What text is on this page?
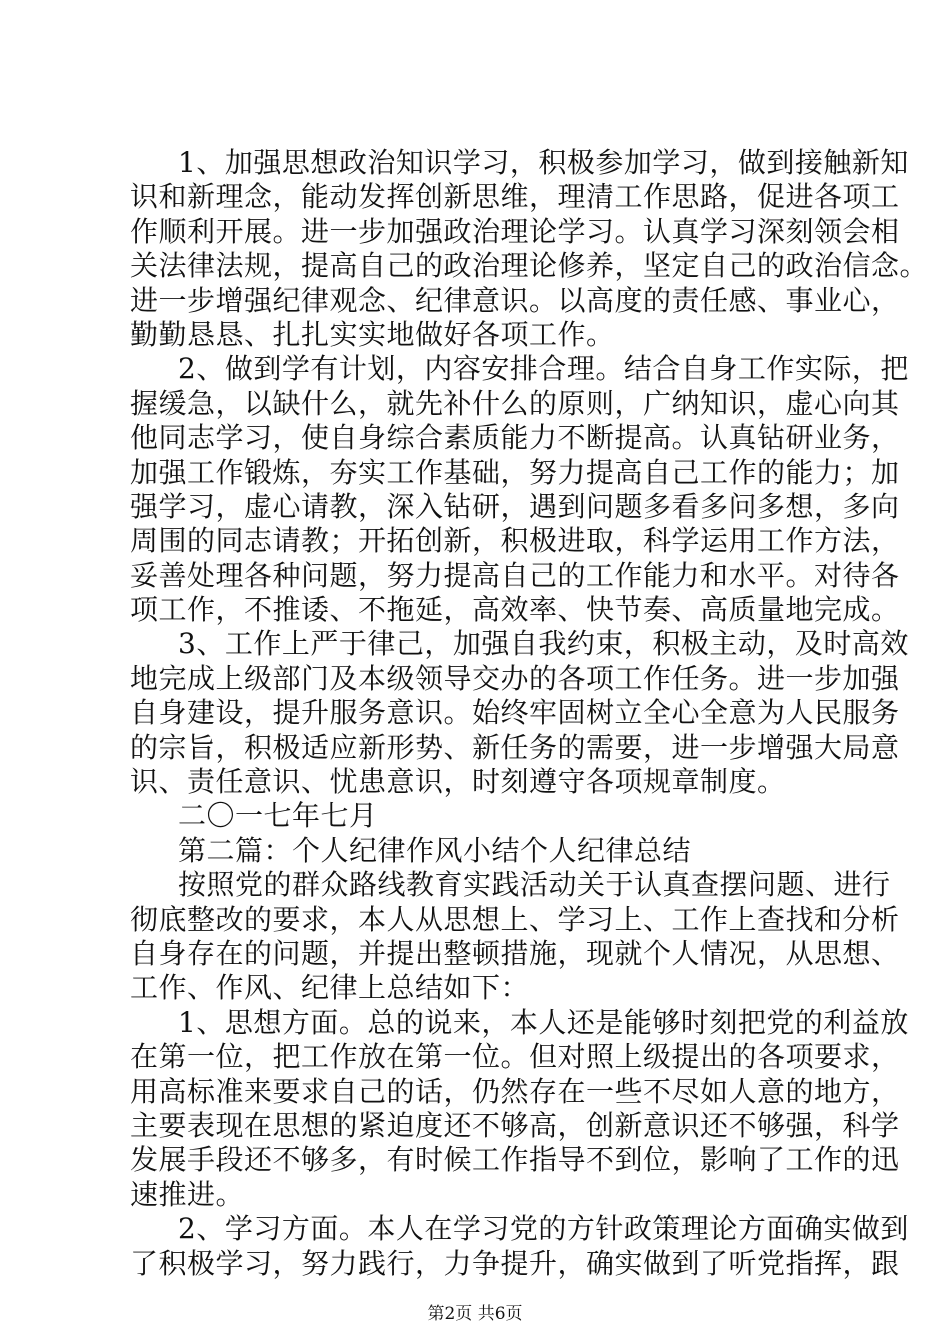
1、加强思想政治知识学习，积极参加学习，做到接触新知
识和新理念，能动发挥创新思维，理清工作思路，促进各项工
作顺利开展。进一步加强政治理论学习。认真学习深刻领会相
关法律法规，提高自己的政治理论修养，坚定自己的政治信念。
进一步增强纪律观念、纪律意识。以高度的责任感、事业心，
勤勤恳恳、扎扎实实地做好各项工作。
2、做到学有计划，内容安排合理。结合自身工作实际，把
握缓急，以缺什么，就先补什么的原则，广纳知识，虚心向其
他同志学习，使自身综合素质能力不断提高。认真钻研业务，
加强工作锻炼，夯实工作基础，努力提高自己工作的能力；加
强学习，虚心请教，深入钻研，遇到问题多看多问多想，多向
周围的同志请教；开拓创新，积极进取，科学运用工作方法，
妥善处理各种问题，努力提高自己的工作能力和水平。对待各
项工作，不推诿、不拖延，高效率、快节奏、高质量地完成。
3、工作上严于律己，加强自我约束，积极主动，及时高效
地完成上级部门及本级领导交办的各项工作任务。进一步加强
自身建设，提升服务意识。始终牢固树立全心全意为人民服务
的宗旨，积极适应新形势、新任务的需要，进一步增强大局意
识、责任意识、忧患意识，时刻遵守各项规章制度。
二〇一七年七月
第二篇：个人纪律作风小结个人纪律总结
按照党的群众路线教育实践活动关于认真查摆问题、进行
彻底整改的要求，本人从思想上、学习上、工作上查找和分析
自身存在的问题，并提出整顿措施，现就个人情况，从思想、
工作、作风、纪律上总结如下：
1、思想方面。总的说来，本人还是能够时刻把党的利益放
在第一位，把工作放在第一位。但对照上级提出的各项要求，
用高标准来要求自己的话，仍然存在一些不尽如人意的地方，
主要表现在思想的紧迫度还不够高，创新意识还不够强，科学
发展手段还不够多，有时候工作指导不到位，影响了工作的迅
速推进。
2、学习方面。本人在学习党的方针政策理论方面确实做到
了积极学习，努力践行，力争提升，确实做到了听党指挥，跟
第2页 共6页
